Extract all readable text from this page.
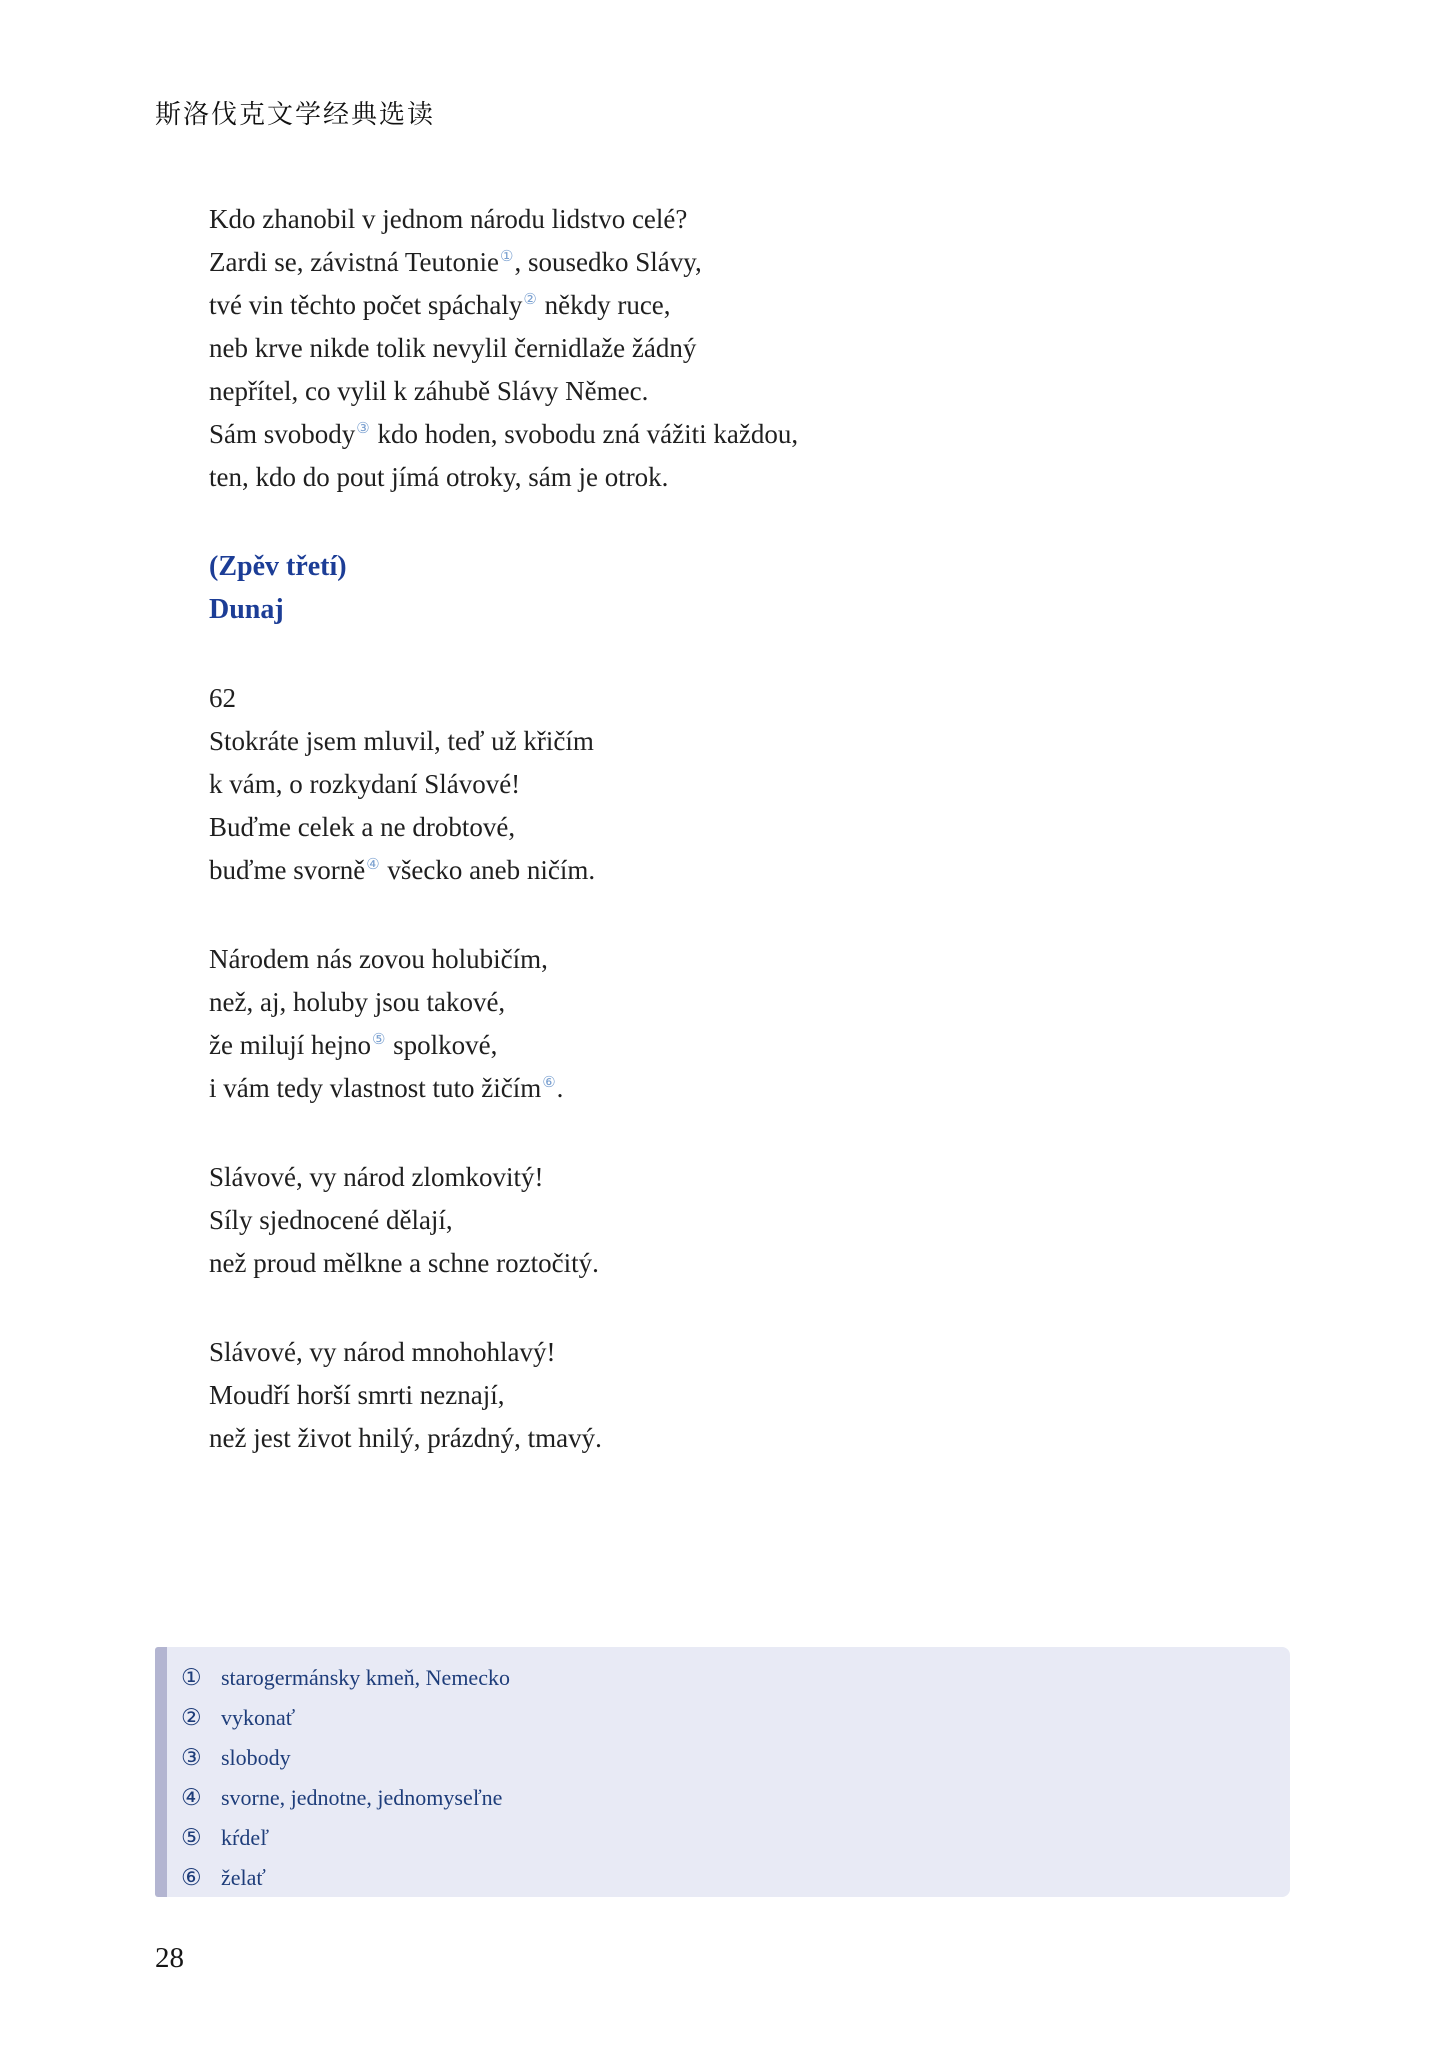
斯洛伐克文学经典选读
Kdo zhanobil v jednom národu lidstvo celé?
Zardi se, závistná Teutonie①, sousedko Slávy,
tvé vin těchto počet spáchaly② někdy ruce,
neb krve nikde tolik nevylil černidlaže žádný
nepřítel, co vylil k záhubě Slávy Němec.
Sám svobody③ kdo hoden, svobodu zná vážiti každou,
ten, kdo do pout jímá otroky, sám je otrok.
(Zpěv třetí)
Dunaj
62
Stokráte jsem mluvil, teď už křičím
k vám, o rozkydaní Slávové!
Buďme celek a ne drobtové,
buďme svorně④ všecko aneb ničím.
Národem nás zovou holubičím,
než, aj, holuby jsou takové,
že milují hejno⑤ spolkové,
i vám tedy vlastnost tuto žičím⑥.
Slávové, vy národ zlomkovitý!
Síly sjednocené dělají,
než proud mělkne a schne roztočitý.
Slávové, vy národ mnohohlavý!
Moudří horší smrti neznají,
než jest život hnilý, prázdný, tmavý.
① starogermánsky kmeň, Nemecko
② vykonať
③ slobody
④ svorne, jednotne, jednomyseľne
⑤ kŕdeľ
⑥ želať
28
